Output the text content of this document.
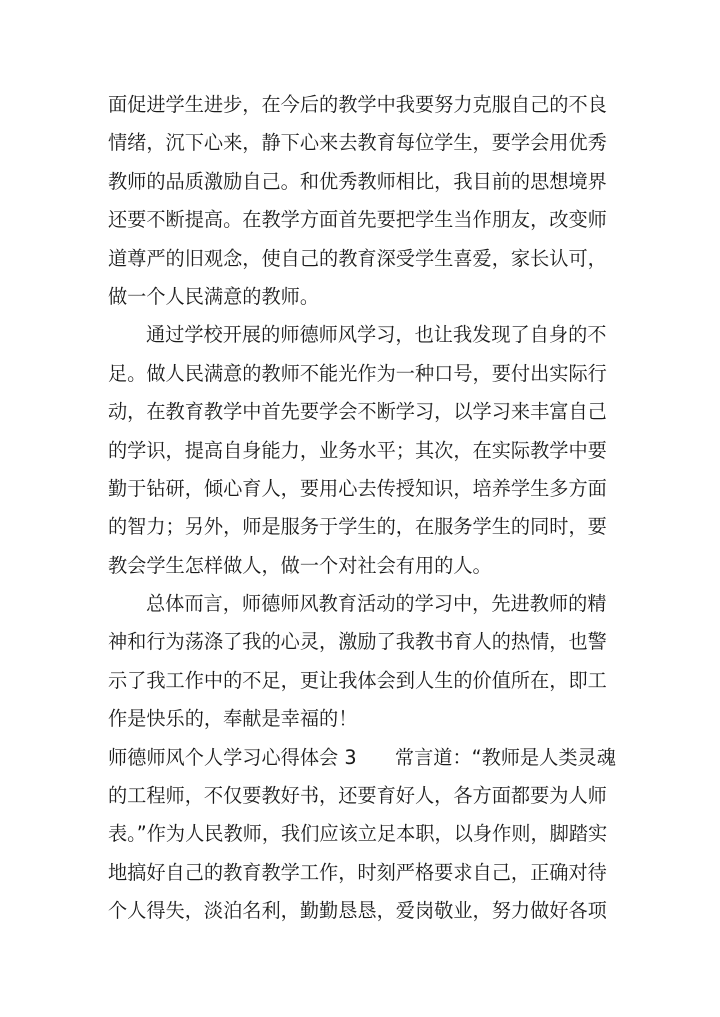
面促进学生进步，在今后的教学中我要努力克服自己的不良
情绪，沉下心来，静下心来去教育每位学生，要学会用优秀
教师的品质激励自己。和优秀教师相比，我目前的思想境界
还要不断提高。在教学方面首先要把学生当作朋友，改变师
道尊严的旧观念，使自己的教育深受学生喜爱，家长认可，
做一个人民满意的教师。
通过学校开展的师德师风学习，也让我发现了自身的不
足。做人民满意的教师不能光作为一种口号，要付出实际行
动，在教育教学中首先要学会不断学习，以学习来丰富自己
的学识，提高自身能力，业务水平；其次，在实际教学中要
勤于钻研，倾心育人，要用心去传授知识，培养学生多方面
的智力；另外，师是服务于学生的，在服务学生的同时，要
教会学生怎样做人，做一个对社会有用的人。
总体而言，师德师风教育活动的学习中，先进教师的精
神和行为荡涤了我的心灵，激励了我教书育人的热情，也警
示了我工作中的不足，更让我体会到人生的价值所在，即工
作是快乐的，奉献是幸福的！
师德师风个人学习心得体会 3　　常言道：“教师是人类灵魂
的工程师，不仅要教好书，还要育好人，各方面都要为人师
表。”作为人民教师，我们应该立足本职，以身作则，脚踏实
地搞好自己的教育教学工作，时刻严格要求自己，正确对待
个人得失，淡泊名利，勤勤恳恳，爱岗敬业，努力做好各项
